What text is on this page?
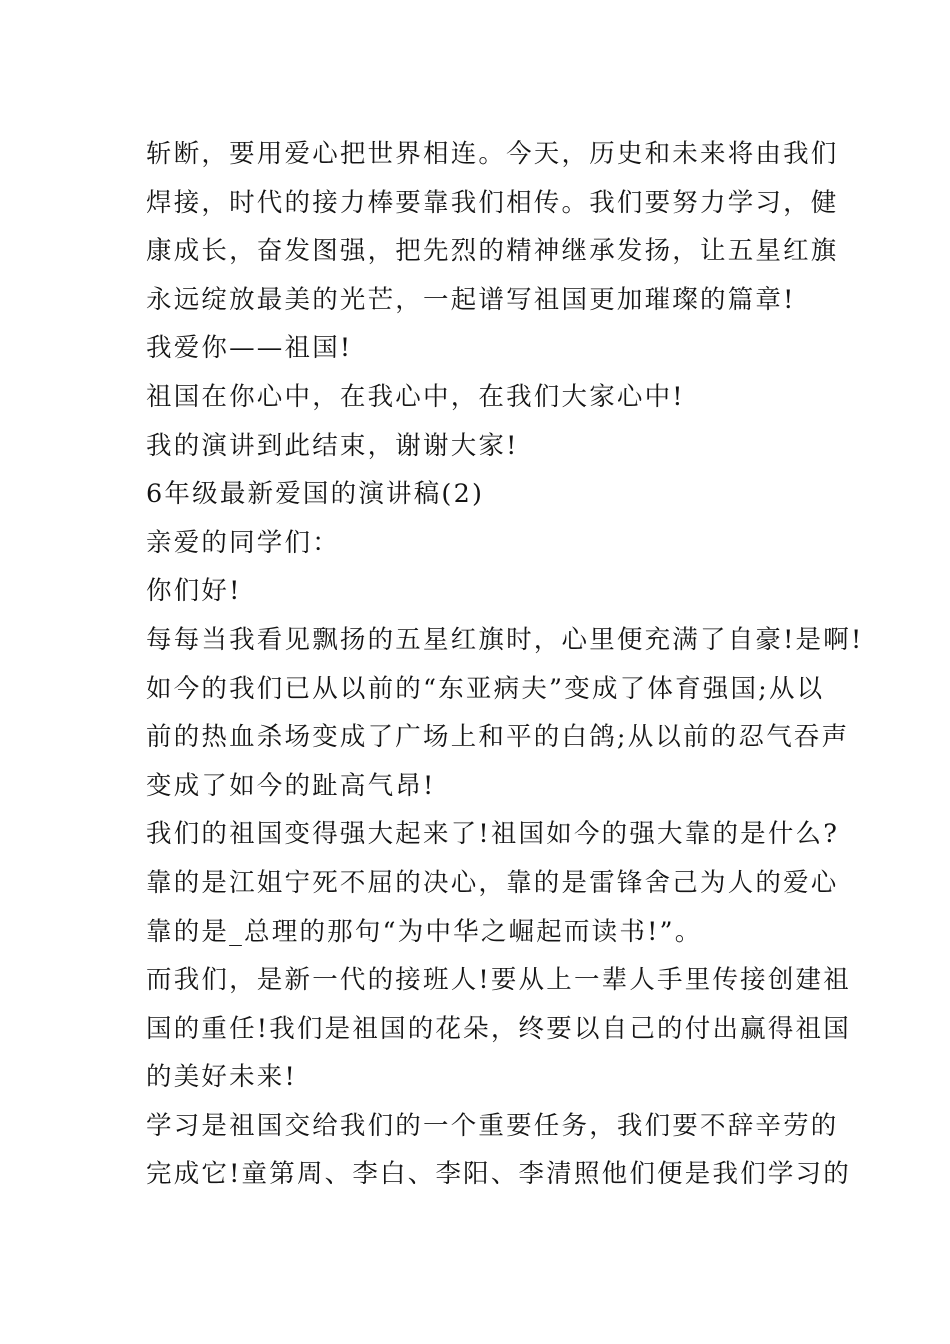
斩断，要用爱心把世界相连。今天，历史和未来将由我们
焊接，时代的接力棒要靠我们相传。我们要努力学习，健
康成长，奋发图强，把先烈的精神继承发扬，让五星红旗
永远绽放最美的光芒，一起谱写祖国更加璀璨的篇章!
我爱你——祖国!
祖国在你心中，在我心中，在我们大家心中!
我的演讲到此结束，谢谢大家!
6年级最新爱国的演讲稿(2)
亲爱的同学们：
你们好!
每每当我看见飘扬的五星红旗时，心里便充满了自豪!是啊!
如今的我们已从以前的“东亚病夫”变成了体育强国;从以
前的热血杀场变成了广场上和平的白鸽;从以前的忍气吞声
变成了如今的趾高气昂!
我们的祖国变得强大起来了!祖国如今的强大靠的是什么?
靠的是江姐宁死不屈的决心，靠的是雷锋舍己为人的爱心
靠的是_总理的那句“为中华之崛起而读书!”。
而我们，是新一代的接班人!要从上一辈人手里传接创建祖
国的重任!我们是祖国的花朵，终要以自己的付出赢得祖国
的美好未来!
学习是祖国交给我们的一个重要任务，我们要不辞辛劳的
完成它!童第周、李白、李阳、李清照他们便是我们学习的
